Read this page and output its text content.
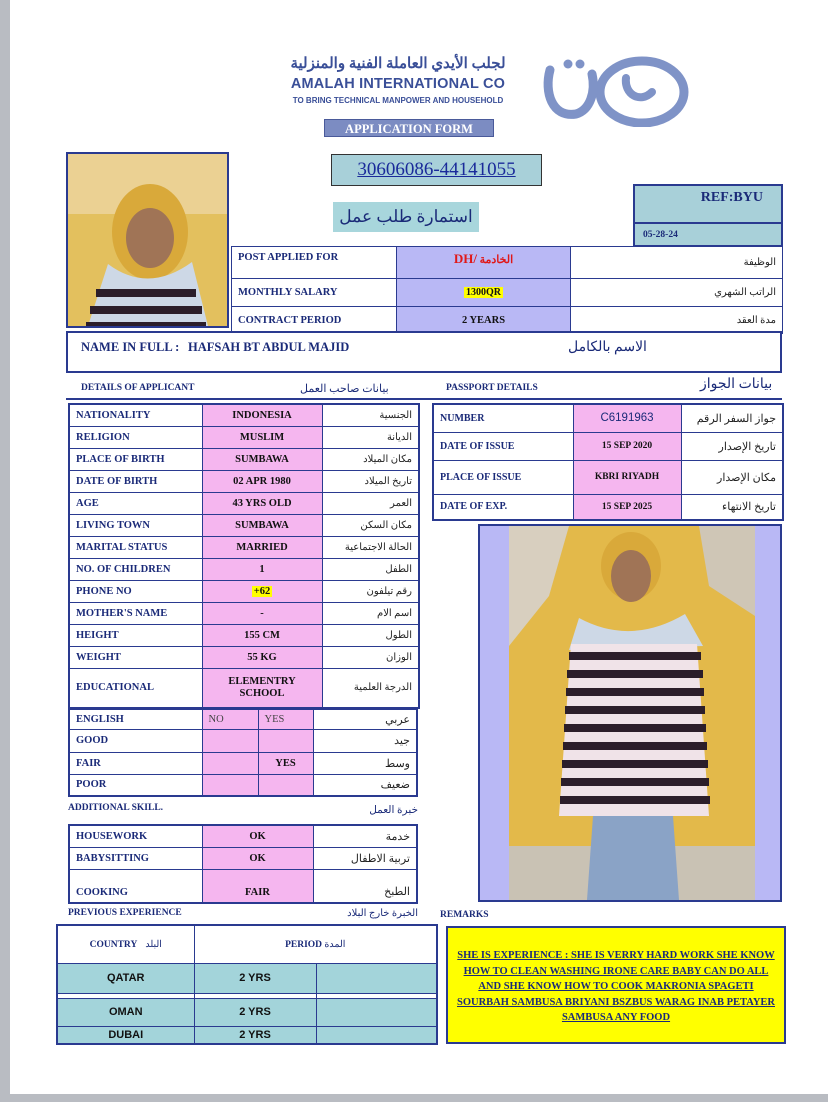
لجلب الأيدي العاملة الفنية والمنزلية
AMALAH INTERNATIONAL CO
TO BRING TECHNICAL MANPOWER AND HOUSEHOLD
APPLICATION FORM
30606086-44141055
استمارة طلب عمل
REF:BYU
05-28-24
POST APPLIED FOR	DH/ الخادمة	الوظيفة
MONTHLY SALARY	1300QR	الراتب الشهري
CONTRACT PERIOD	2 YEARS	مدة العقد
NAME IN FULL : HAFSAH BT ABDUL MAJID	الاسم بالكامل
DETAILS OF APPLICANT	بيانات صاحب العمل	PASSPORT DETAILS	بيانات الجواز
NATIONALITY	INDONESIA	الجنسية
RELIGION	MUSLIM	الديانة
PLACE OF BIRTH	SUMBAWA	مكان الميلاد
DATE OF BIRTH	02 APR 1980	تاريخ الميلاد
AGE	43 YRS OLD	العمر
LIVING TOWN	SUMBAWA	مكان السكن
MARITAL STATUS	MARRIED	الحالة الاجتماعية
NO. OF CHILDREN	1	الطفل
PHONE NO	+62	رقم تيلفون
MOTHER'S NAME	-	اسم الام
HEIGHT	155 CM	الطول
WEIGHT	55 KG	الوزان
EDUCATIONAL	ELEMENTRY SCHOOL	الدرجة العلمية
NUMBER	C6191963	جواز السفر الرقم
DATE OF ISSUE	15 SEP 2020	تاريخ الإصدار
PLACE OF ISSUE	KBRI RIYADH	مكان الإصدار
DATE OF EXP.	15 SEP 2025	تاريخ الانتهاء
ENGLISH	NO	YES	عربي
GOOD			جيد
FAIR		YES	وسط
POOR			ضعيف
ADDITIONAL SKILL.	خبرة العمل
HOUSEWORK	OK	خدمة
BABYSITTING	OK	تربية الاطفال
COOKING	FAIR	الطبخ
PREVIOUS EXPERIENCE	الخبرة خارج البلاد REMARKS
COUNTRY البلد	PERIOD المدة	
QATAR	2 YRS	

OMAN	2 YRS	
DUBAI	2 YRS	
SHE IS EXPERIENCE : SHE IS VERRY HARD WORK SHE KNOW HOW TO CLEAN WASHING IRONE CARE BABY CAN DO ALL AND SHE KNOW HOW TO COOK MAKRONIA SPAGETI SOURBAH SAMBUSA BRIYANI BSZBUS WARAG INAB PETAYER SAMBUSA ANY FOOD
